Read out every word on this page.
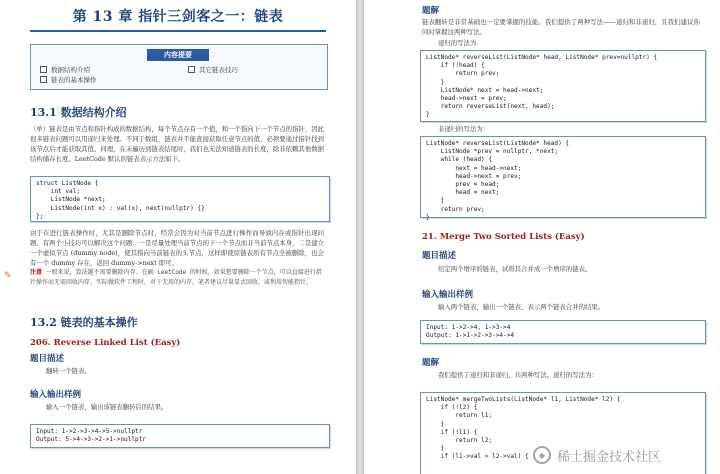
第 13 章 指针三剑客之一：链表
内容提要
数据结构介绍
链表的基本操作
其它链表技巧
13.1 数据结构介绍
（单）链表是由节点和指针构成的数据结构，每个节点存有一个值，和一个指向下一个节点的指针，因此很多链表问题可以用递归来处理。不同于数组，链表并不能直接获取任意节点的值，必须要通过指针找到该节点后才能获取其值。同理，在未遍历到链表结尾时，我们也无法知道链表的长度，除非依赖其他数据结构储存长度。LeetCode 默认的链表表示方法如下。
struct ListNode {
int val;
ListNode *next;
ListNode(int x) : val(x), next(nullptr) {}
};
由于在进行链表操作时，尤其是删除节点时，经常会因为对当前节点进行操作而导致内存或指针出现问题。有两个小技巧可以解决这个问题：一是尽量处理当前节点的下一个节点而非当前节点本身，二是建立一个虚拟节点 (dummy node)，使其指向当前链表的头节点，这样即使原链表所有节点全被删除，也会有一个 dummy 存在，返回 dummy->next 即可。
✎	注意 一般来说，算法题不需要删除内存。在刷 LeetCode 的时候，如果想要删除一个节点，可以直接进行指针操作而无需回收内存。实际做软件工程时，对于无用的内存，笔者建议尽量显式回收，或利用智能指针。
13.2 链表的基本操作
206. Reverse Linked List (Easy)
题目描述
翻转一个链表。
输入输出样例
输入一个链表，输出该链表翻转后的结果。
Input: 1->2->3->4->5->nullptr
Output: 5->4->3->2->1->nullptr
题解
链表翻转是非常基础也一定要掌握的技能。我们提供了两种写法——递归和非递归，且我们建议你同时掌握这两种写法。
递归的写法为：
ListNode* reverseList(ListNode* head, ListNode* prev=nullptr) {
if (!head) {
return prev;
}
ListNode* next = head->next;
head->next = prev;
return reverseList(next, head);
}
非递归的写法为：
ListNode* reverseList(ListNode* head) {
ListNode *prev = nullptr, *next;
while (head) {
next = head->next;
head->next = prev;
prev = head;
head = next;
}
return prev;
}
21. Merge Two Sorted Lists (Easy)
题目描述
给定两个增序的链表，试将其合并成一个增序的链表。
输入输出样例
输入两个链表，输出一个链表，表示两个链表合并的结果。
Input: 1->2->4, 1->3->4
Output: 1->1->2->3->4->4
题解
我们提供了递归和非递归，共两种写法。递归的写法为：
ListNode* mergeTwoLists(ListNode* l1, ListNode* l2) {
if (!l2) {
return l1;
}
if (!l1) {
return l2;
}
if (l1->val > l2->val) {	◆ 稀土掘金技术社区
